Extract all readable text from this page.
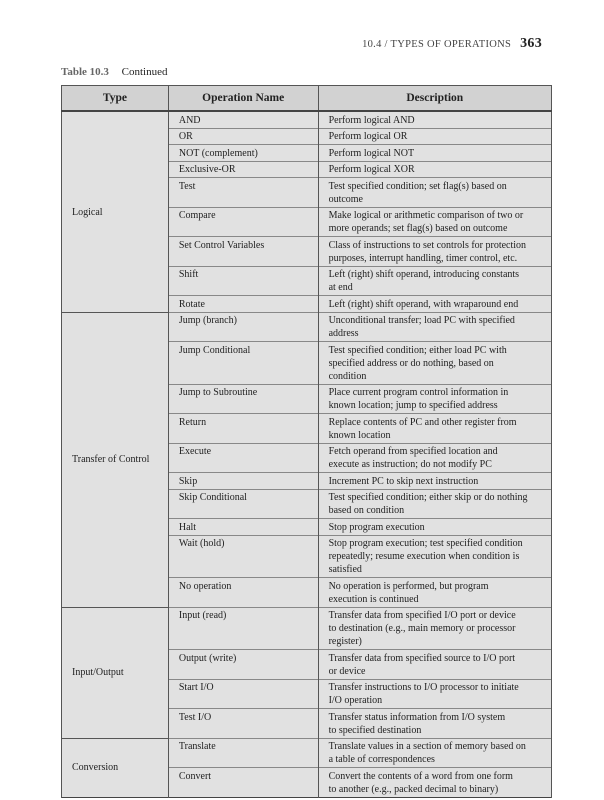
10.4 / TYPES OF OPERATIONS 363
Table 10.3 Continued
Type	Operation Name	Description
Logical	AND	Perform logical AND
	OR	Perform logical OR
	NOT (complement)	Perform logical NOT
	Exclusive-OR	Perform logical XOR
	Test	Test specified condition; set flag(s) based on
outcome
	Compare	Make logical or arithmetic comparison of two or
more operands; set flag(s) based on outcome
	Set Control Variables	Class of instructions to set controls for protection
purposes, interrupt handling, timer control, etc.
	Shift	Left (right) shift operand, introducing constants
at end
	Rotate	Left (right) shift operand, with wraparound end
Transfer of Control	Jump (branch)	Unconditional transfer; load PC with specified
address
	Jump Conditional	Test specified condition; either load PC with
specified address or do nothing, based on
condition
	Jump to Subroutine	Place current program control information in
known location; jump to specified address
	Return	Replace contents of PC and other register from
known location
	Execute	Fetch operand from specified location and
execute as instruction; do not modify PC
	Skip	Increment PC to skip next instruction
	Skip Conditional	Test specified condition; either skip or do nothing
based on condition
	Halt	Stop program execution
	Wait (hold)	Stop program execution; test specified condition
repeatedly; resume execution when condition is
satisfied
	No operation	No operation is performed, but program
execution is continued
Input/Output	Input (read)	Transfer data from specified I/O port or device
to destination (e.g., main memory or processor
register)
	Output (write)	Transfer data from specified source to I/O port
or device
	Start I/O	Transfer instructions to I/O processor to initiate
I/O operation
	Test I/O	Transfer status information from I/O system
to specified destination
Conversion	Translate	Translate values in a section of memory based on
a table of correspondences
	Convert	Convert the contents of a word from one form
to another (e.g., packed decimal to binary)
